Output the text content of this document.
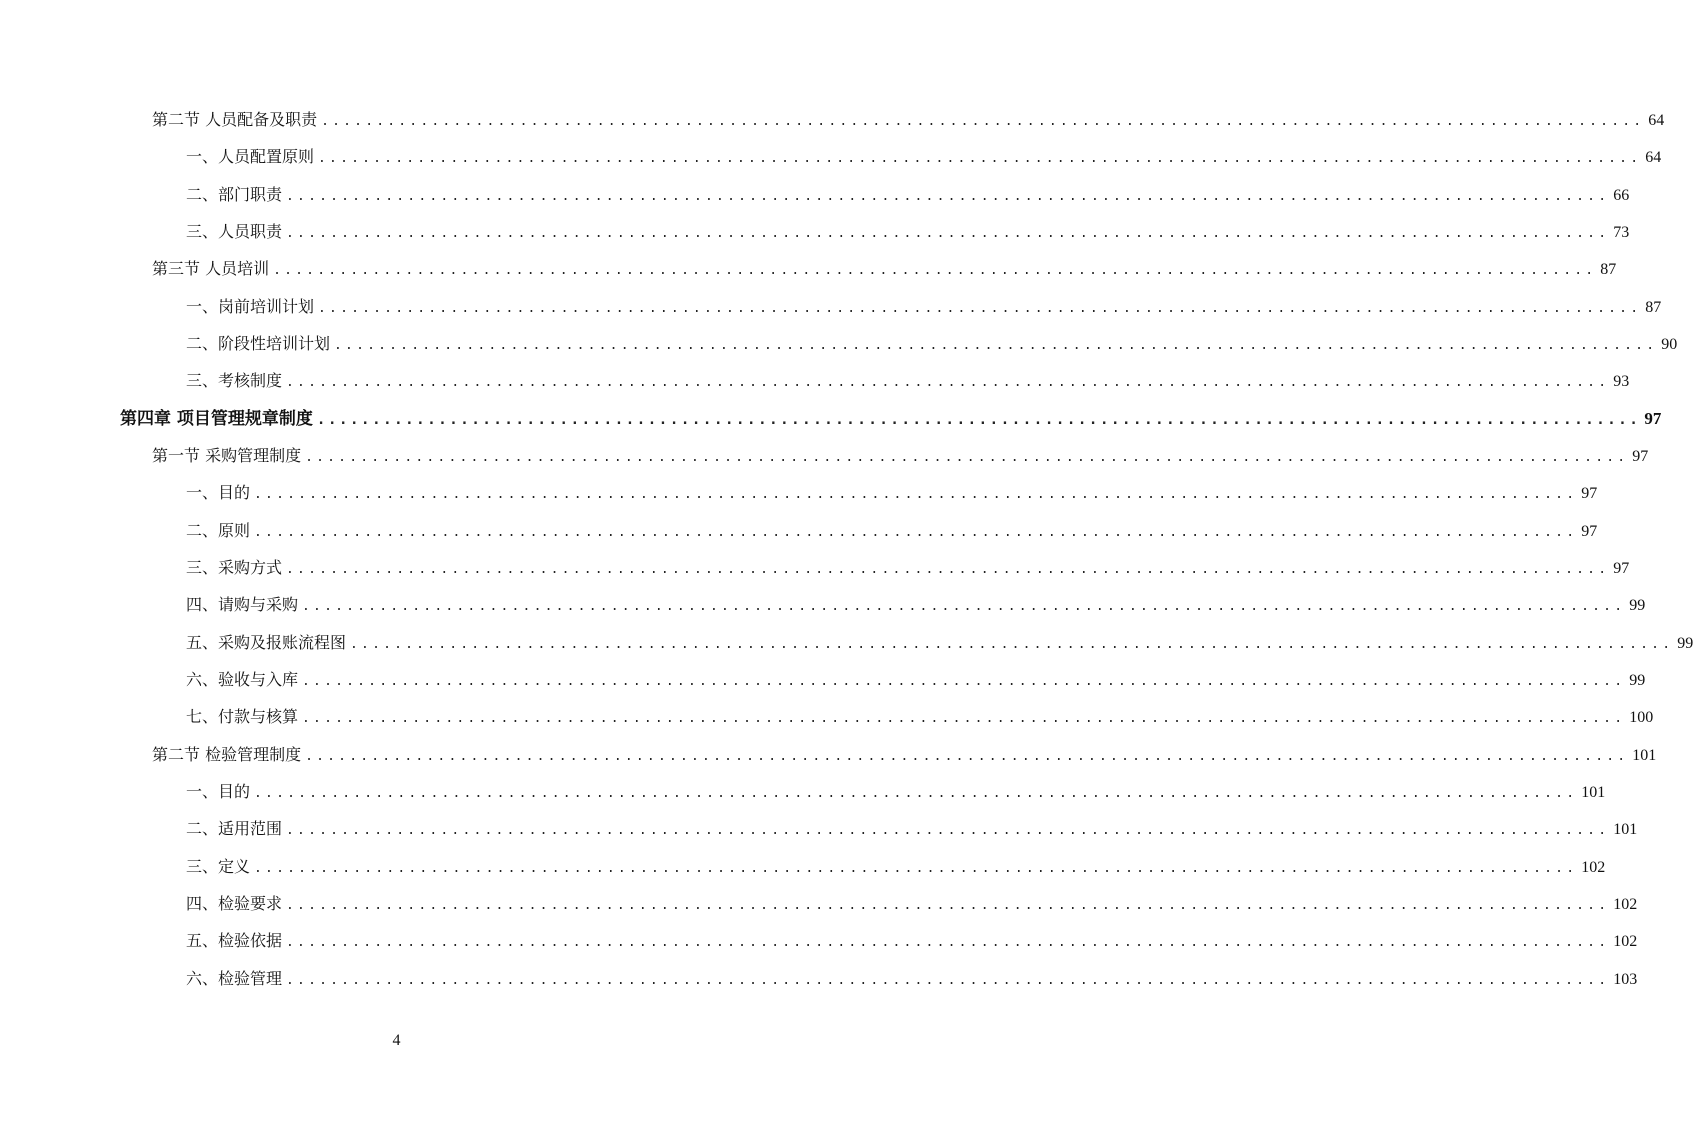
第二节 人员配备及职责 ........................................................................................................................ 64
一、人员配置原则 ........................................................................................................................ 64
二、部门职责 ........................................................................................................................ 66
三、人员职责 ........................................................................................................................ 73
第三节 人员培训 ........................................................................................................................ 87
一、岗前培训计划 ........................................................................................................................ 87
二、阶段性培训计划 ........................................................................................................................ 90
三、考核制度 ........................................................................................................................ 93
第四章 项目管理规章制度 ........................................................................................................................ 97
第一节 采购管理制度 ........................................................................................................................ 97
一、目的 ........................................................................................................................ 97
二、原则 ........................................................................................................................ 97
三、采购方式 ........................................................................................................................ 97
四、请购与采购 ........................................................................................................................ 99
五、采购及报账流程图 ........................................................................................................................ 99
六、验收与入库 ........................................................................................................................ 99
七、付款与核算 ........................................................................................................................ 100
第二节 检验管理制度 ........................................................................................................................ 101
一、目的 ........................................................................................................................ 101
二、适用范围 ........................................................................................................................ 101
三、定义 ........................................................................................................................ 102
四、检验要求 ........................................................................................................................ 102
五、检验依据 ........................................................................................................................ 102
六、检验管理 ........................................................................................................................ 103
4
